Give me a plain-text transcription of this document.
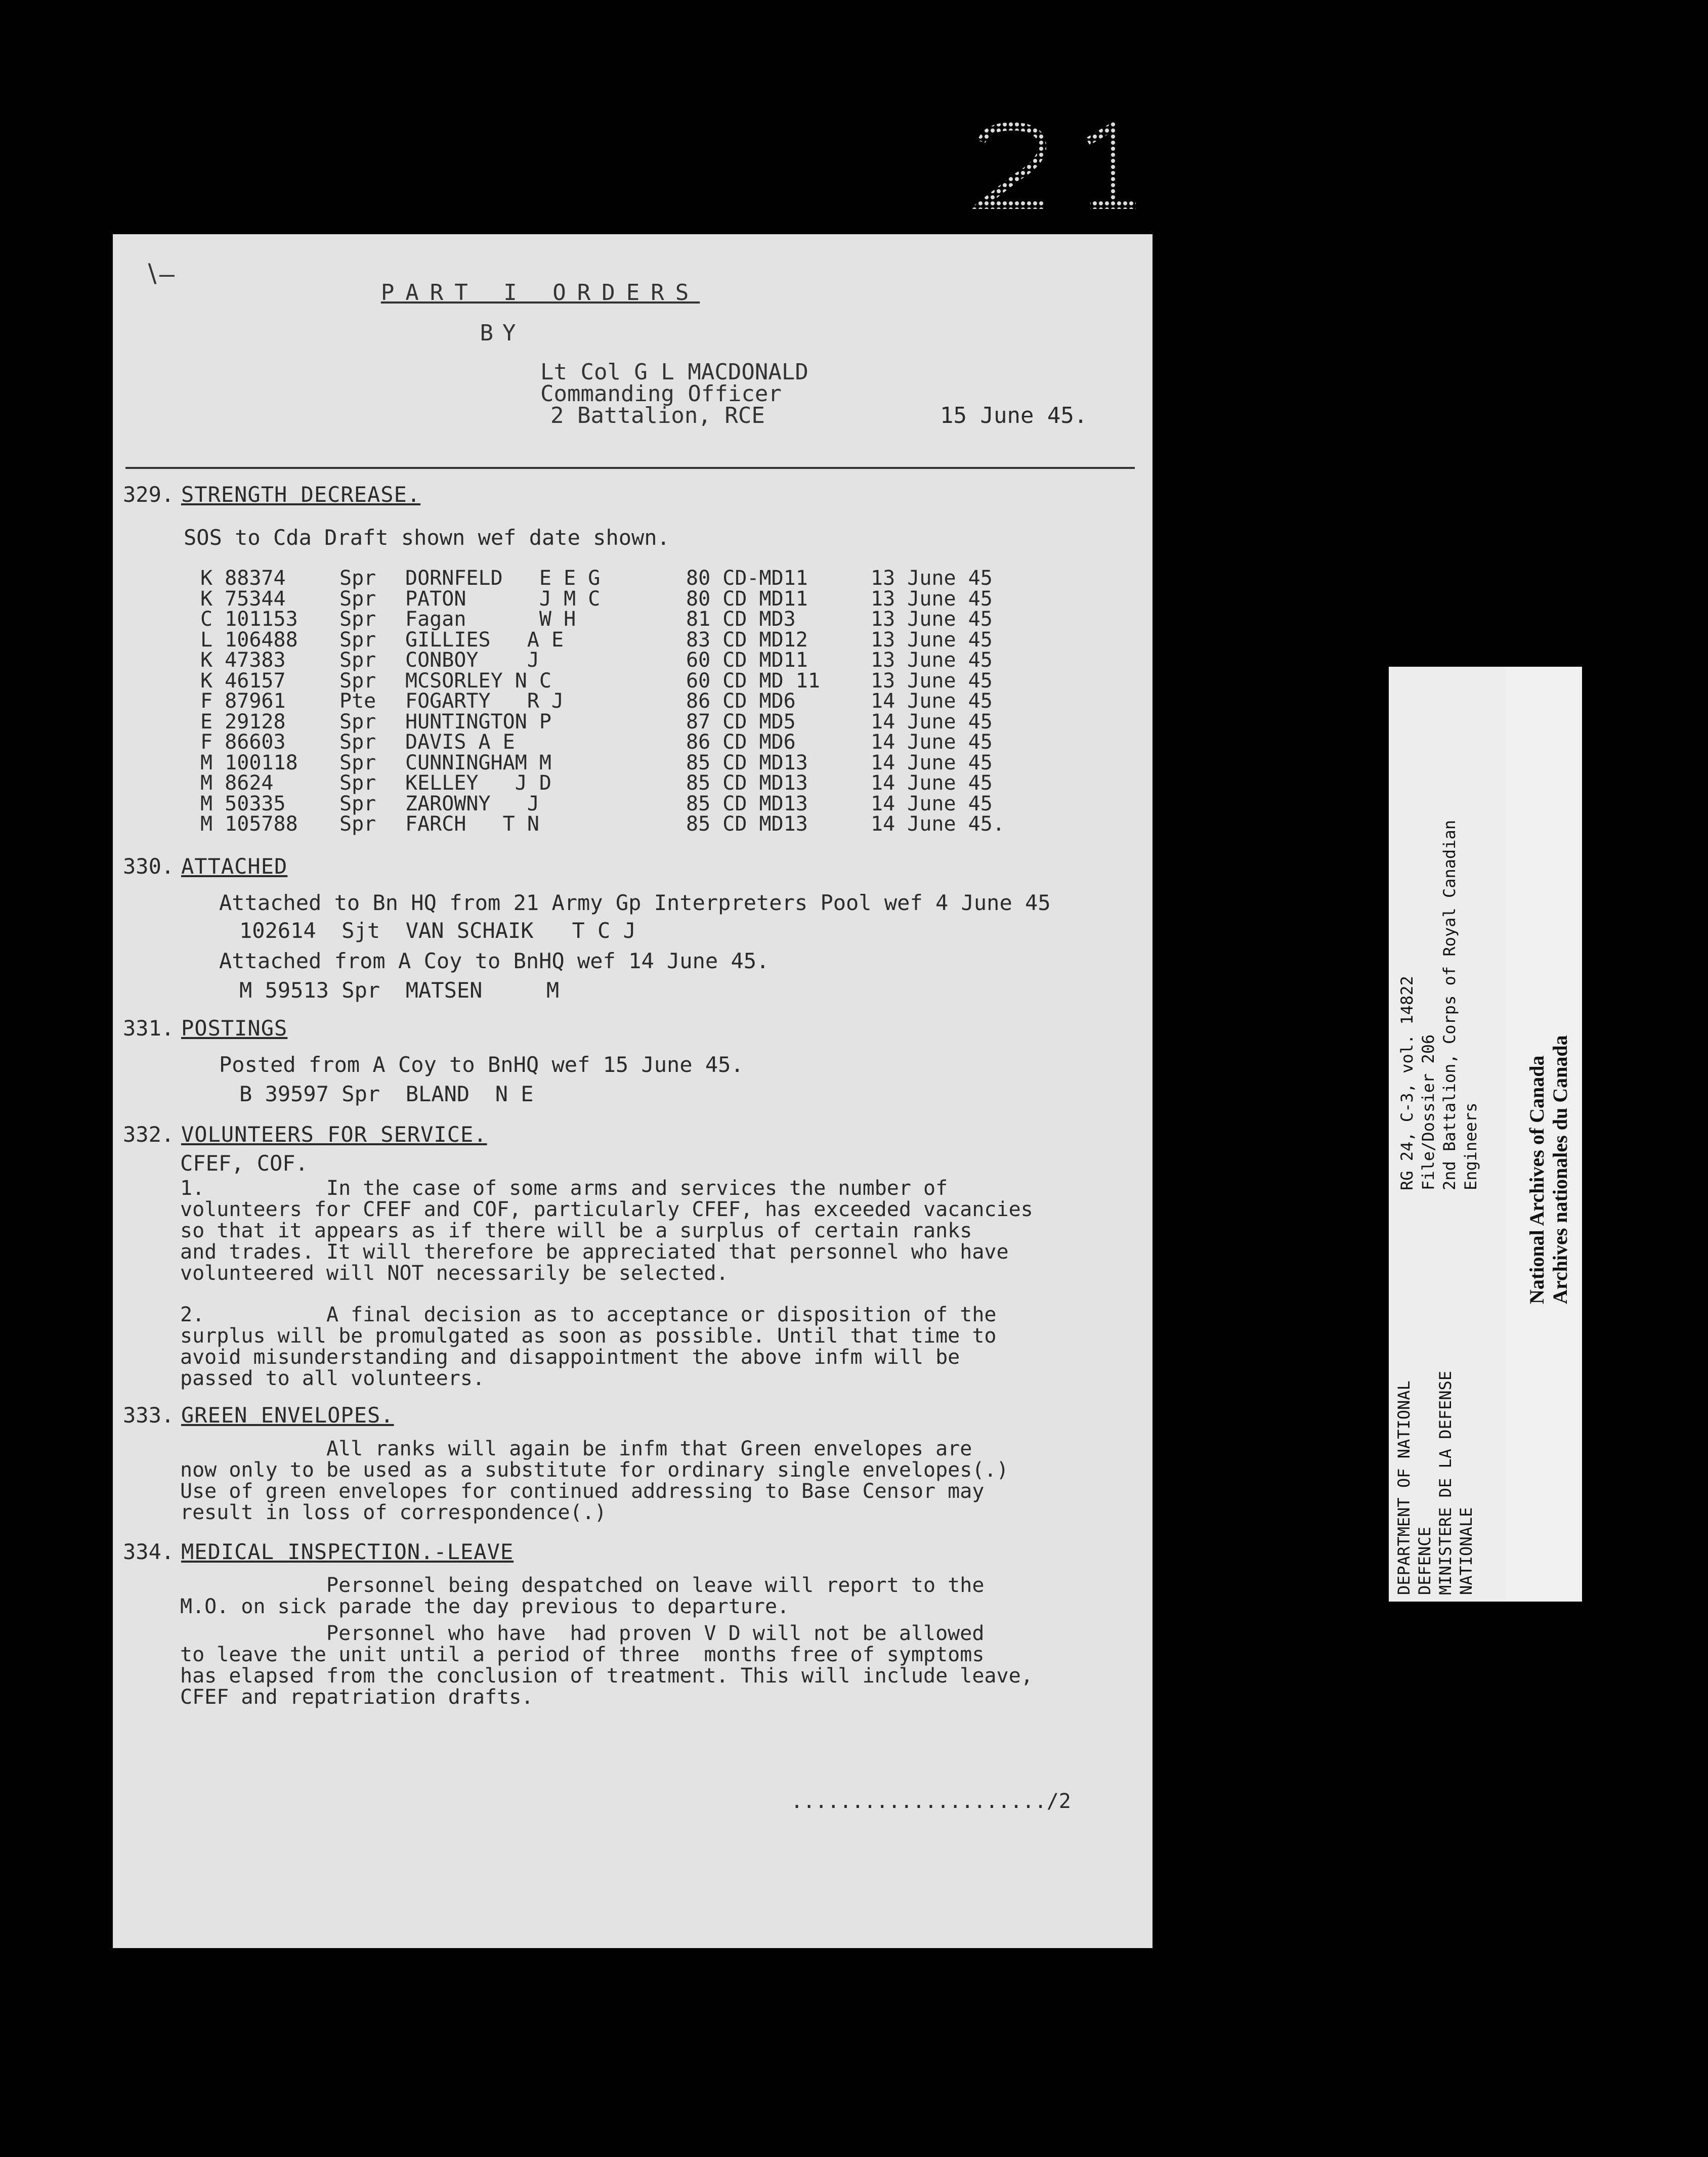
∖–
PART I ORDERS
BY
Lt Col G L MACDONALD
Commanding Officer
2 Battalion, RCE	15 June 45.
329. STRENGTH DECREASE.
SOS to Cda Draft shown wef date shown.
K 88374	Spr	DORNFELD   E E G	80 CD-MD11	13 June 45
K 75344	Spr	PATON      J M C	80 CD MD11	13 June 45
C 101153	Spr	Fagan      W H	81 CD MD3	13 June 45
L 106488	Spr	GILLIES   A E	83 CD MD12	13 June 45
K 47383	Spr	CONBOY    J	60 CD MD11	13 June 45
K 46157	Spr	MCSORLEY N C	60 CD MD 11	13 June 45
F 87961	Pte	FOGARTY   R J	86 CD MD6	14 June 45
E 29128	Spr	HUNTINGTON P	87 CD MD5	14 June 45
F 86603	Spr	DAVIS A E	86 CD MD6	14 June 45
M 100118	Spr	CUNNINGHAM M	85 CD MD13	14 June 45
M 8624	Spr	KELLEY   J D	85 CD MD13	14 June 45
M 50335	Spr	ZAROWNY   J	85 CD MD13	14 June 45
M 105788	Spr	FARCH   T N	85 CD MD13	14 June 45.
330. ATTACHED
Attached to Bn HQ from 21 Army Gp Interpreters Pool wef 4 June 45
102614  Sjt  VAN SCHAIK   T C J
Attached from A Coy to BnHQ wef 14 June 45.
M 59513 Spr  MATSEN     M
331. POSTINGS
Posted from A Coy to BnHQ wef 15 June 45.
B 39597 Spr  BLAND  N E
332. VOLUNTEERS FOR SERVICE.
CFEF, COF.
1.          In the case of some arms and services the number of
volunteers for CFEF and COF, particularly CFEF, has exceeded vacancies
so that it appears as if there will be a surplus of certain ranks
and trades. It will therefore be appreciated that personnel who have
volunteered will NOT necessarily be selected.
2.          A final decision as to acceptance or disposition of the
surplus will be promulgated as soon as possible. Until that time to
avoid misunderstanding and disappointment the above infm will be
passed to all volunteers.
333. GREEN ENVELOPES.
All ranks will again be infm that Green envelopes are
now only to be used as a substitute for ordinary single envelopes(.)
Use of green envelopes for continued addressing to Base Censor may
result in loss of correspondence(.)
334. MEDICAL INSPECTION.-LEAVE
Personnel being despatched on leave will report to the
M.O. on sick parade the day previous to departure.
Personnel who have  had proven V D will not be allowed
to leave the unit until a period of three  months free of symptoms
has elapsed from the conclusion of treatment. This will include leave,
CFEF and repatriation drafts.
...................../2
DEPARTMENT OF NATIONAL
DEFENCE
MINISTERE DE LA DEFENSE
NATIONALE
RG 24, C-3, vol. 14822
File/Dossier 206
2nd Battalion, Corps of Royal Canadian
Engineers
National Archives of Canada
Archives nationales du Canada
